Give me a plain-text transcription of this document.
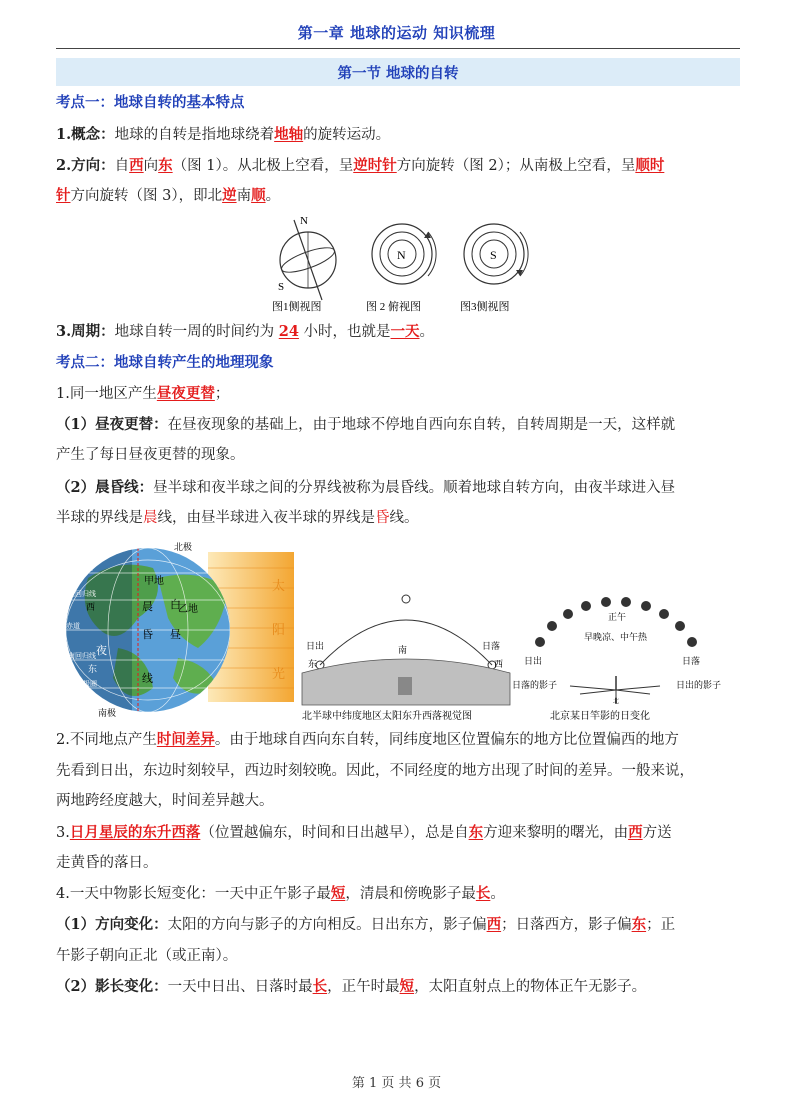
第一章 地球的运动 知识梳理
第一节 地球的自转
考点一：地球自转的基本特点
1.概念：地球的自转是指地球绕着地轴的旋转运动。
2.方向：自西向东（图 1）。从北极上空看，呈逆时针方向旋转（图 2）；从南极上空看，呈顺时
针方向旋转（图 3），即北逆南顺。
N
S
图1侧视图
N
图 2 俯视图
S
图3侧视图
3.周期：地球自转一周的时间约为 24 小时，也就是一天。
考点二：地球自转产生的地理现象
1.同一地区产生昼夜更替；
（1）昼夜更替：在昼夜现象的基础上，由于地球不停地自西向东自转，自转周期是一天，这样就
产生了每日昼夜更替的现象。
（2）晨昏线：昼半球和夜半球之间的分界线被称为晨昏线。顺着地球自转方向，由夜半球进入昼
半球的界线是晨线，由昼半球进入夜半球的界线是昏线。
北极
南极
甲地
乙地
晨
昏
线
夜
昼
白
北极圈
北回归线
赤道
南回归线
南极圈
西
东
太
阳
光
南
日出
东
日落
西
北半球中纬度地区太阳东升西落视觉图
正午
早晚凉、中午热
日出	日落
日落的影子	日出的影子
北
北京某日竿影的日变化
2.不同地点产生时间差异。由于地球自西向东自转，同纬度地区位置偏东的地方比位置偏西的地方
先看到日出，东边时刻较早，西边时刻较晚。因此，不同经度的地方出现了时间的差异。一般来说，
两地跨经度越大，时间差异越大。
3.日月星辰的东升西落（位置越偏东，时间和日出越早），总是自东方迎来黎明的曙光，由西方送
走黄昏的落日。
4.一天中物影长短变化：一天中正午影子最短，清晨和傍晚影子最长。
（1）方向变化：太阳的方向与影子的方向相反。日出东方，影子偏西；日落西方，影子偏东；正
午影子朝向正北（或正南）。
（2）影长变化：一天中日出、日落时最长，正午时最短，太阳直射点上的物体正午无影子。
第 1 页 共 6 页
